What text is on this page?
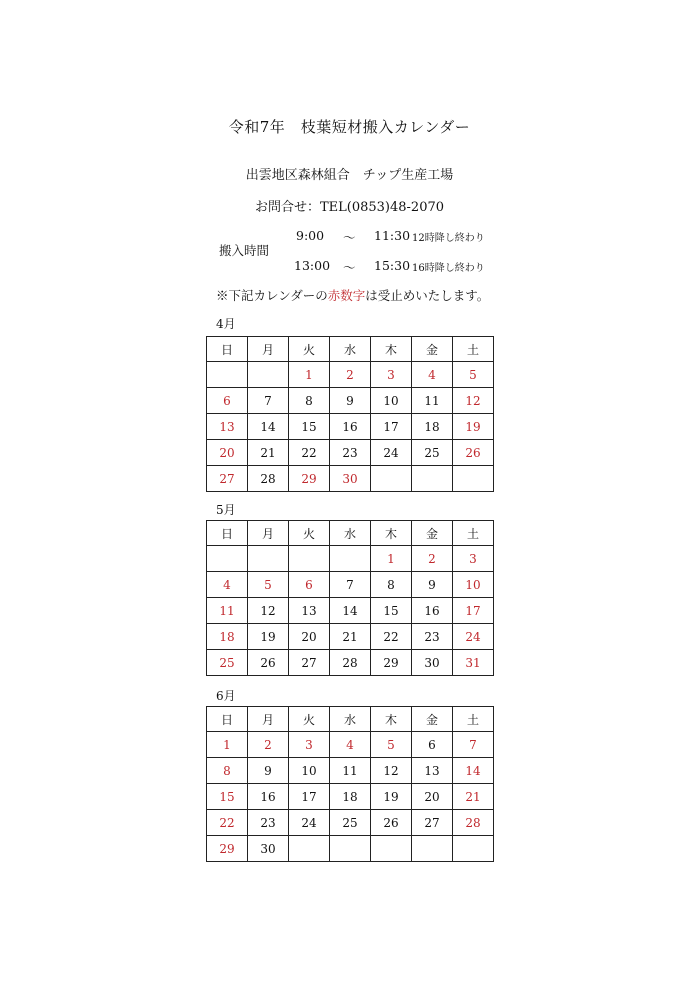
令和7年　枝葉短材搬入カレンダー
出雲地区森林組合　チップ生産工場
お問合せ：TEL(0853)48-2070
搬入時間
9:00 ～ 11:30 12時降し終わり
13:00 ～ 15:30 16時降し終わり
※下記カレンダーの赤数字は受止めいたします。
4月
日	月	火	水	木	金	土
		1	2	3	4	5
6	7	8	9	10	11	12
13	14	15	16	17	18	19
20	21	22	23	24	25	26
27	28	29	30			
5月
日	月	火	水	木	金	土
				1	2	3
4	5	6	7	8	9	10
11	12	13	14	15	16	17
18	19	20	21	22	23	24
25	26	27	28	29	30	31
6月
日	月	火	水	木	金	土
1	2	3	4	5	6	7
8	9	10	11	12	13	14
15	16	17	18	19	20	21
22	23	24	25	26	27	28
29	30					
